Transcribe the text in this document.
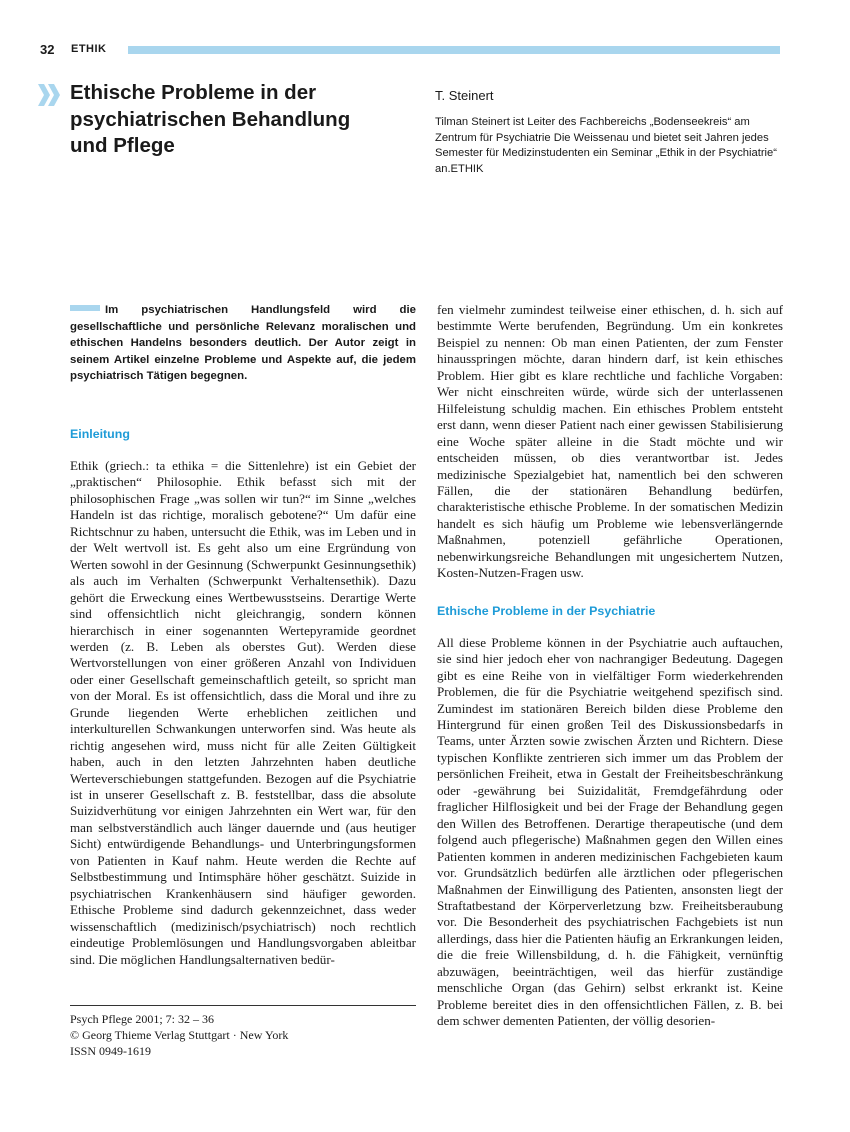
32 ETHIK
Ethische Probleme in der psychiatrischen Behandlung und Pflege
T. Steinert

Tilman Steinert ist Leiter des Fachbereichs „Bodenseekreis“ am Zentrum für Psychiatrie Die Weissenau und bietet seit Jahren jedes Semester für Medizinstudenten ein Seminar „Ethik in der Psychiatrie“ an.ETHIK

Im psychiatrischen Handlungsfeld wird die gesellschaftliche und persönliche Relevanz moralischen und ethischen Handelns besonders deutlich. Der Autor zeigt in seinem Artikel einzelne Probleme und Aspekte auf, die jedem psychiatrisch Tätigen begegnen.

Einleitung

Ethik (griech.: ta ethika = die Sittenlehre) ist ein Gebiet der „praktischen“ Philosophie. Ethik befasst sich mit der philosophischen Frage „was sollen wir tun?“ im Sinne „welches Handeln ist das richtige, moralisch gebotene?“ Um dafür eine Richtschnur zu haben, untersucht die Ethik, was im Leben und in der Welt wertvoll ist. Es geht also um eine Ergründung von Werten sowohl in der Gesinnung (Schwerpunkt Gesinnungsethik) als auch im Verhalten (Schwerpunkt Verhaltensethik). Dazu gehört die Erweckung eines Wertbewusstseins. Derartige Werte sind offensichtlich nicht gleichrangig, sondern können hierarchisch in einer sogenannten Wertepyramide geordnet werden (z. B. Leben als oberstes Gut). Werden diese Wertvorstellungen von einer größeren Anzahl von Individuen oder einer Gesellschaft gemeinschaftlich geteilt, so spricht man von der Moral. Es ist offensichtlich, dass die Moral und ihre zu Grunde liegenden Werte erheblichen zeitlichen und interkulturellen Schwankungen unterworfen sind. Was heute als richtig angesehen wird, muss nicht für alle Zeiten Gültigkeit haben, auch in den letzten Jahrzehnten haben deutliche Werteverschiebungen stattgefunden. Bezogen auf die Psychiatrie ist in unserer Gesellschaft z. B. feststellbar, dass die absolute Suizidverhütung vor einigen Jahrzehnten ein Wert war, für den man selbstverständlich auch länger dauernde und (aus heutiger Sicht) entwürdigende Behandlungs- und Unterbringungsformen von Patienten in Kauf nahm. Heute werden die Rechte auf Selbstbestimmung und Intimsphäre höher geschätzt. Suizide in psychiatrischen Krankenhäusern sind häufiger geworden. Ethische Probleme sind dadurch gekennzeichnet, dass weder wissenschaftlich (medizinisch/psychiatrisch) noch rechtlich eindeutige Problemlösungen und Handlungsvorgaben ableitbar sind. Die möglichen Handlungsalternativen bedür-

fen vielmehr zumindest teilweise einer ethischen, d. h. sich auf bestimmte Werte berufenden, Begründung. Um ein konkretes Beispiel zu nennen: Ob man einen Patienten, der zum Fenster hinausspringen möchte, daran hindern darf, ist kein ethisches Problem. Hier gibt es klare rechtliche und fachliche Vorgaben: Wer nicht einschreiten würde, würde sich der unterlassenen Hilfeleistung schuldig machen. Ein ethisches Problem entsteht erst dann, wenn dieser Patient nach einer gewissen Stabilisierung eine Woche später alleine in die Stadt möchte und wir entscheiden müssen, ob dies verantwortbar ist. Jedes medizinische Spezialgebiet hat, namentlich bei den schweren Fällen, die der stationären Behandlung bedürfen, charakteristische ethische Probleme. In der somatischen Medizin handelt es sich häufig um Probleme wie lebensverlängernde Maßnahmen, potenziell gefährliche Operationen, nebenwirkungsreiche Behandlungen mit ungesichertem Nutzen, Kosten-Nutzen-Fragen usw.

Ethische Probleme in der Psychiatrie

All diese Probleme können in der Psychiatrie auch auftauchen, sie sind hier jedoch eher von nachrangiger Bedeutung. Dagegen gibt es eine Reihe von in vielfältiger Form wiederkehrenden Problemen, die für die Psychiatrie weitgehend spezifisch sind. Zumindest im stationären Bereich bilden diese Probleme den Hintergrund für einen großen Teil des Diskussionsbedarfs in Teams, unter Ärzten sowie zwischen Ärzten und Richtern. Diese typischen Konflikte zentrieren sich immer um das Problem der persönlichen Freiheit, etwa in Gestalt der Freiheitsbeschränkung oder -gewährung bei Suizidalität, Fremdgefährdung oder fraglicher Hilflosigkeit und bei der Frage der Behandlung gegen den Willen des Betroffenen. Derartige therapeutische (und dem folgend auch pflegerische) Maßnahmen gegen den Willen eines Patienten kommen in anderen medizinischen Fachgebieten kaum vor. Grundsätzlich bedürfen alle ärztlichen oder pflegerischen Maßnahmen der Einwilligung des Patienten, ansonsten liegt der Straftatbestand der Körperverletzung bzw. Freiheitsberaubung vor. Die Besonderheit des psychiatrischen Fachgebiets ist nun allerdings, dass hier die Patienten häufig an Erkrankungen leiden, die die freie Willensbildung, d. h. die Fähigkeit, vernünftig abzuwägen, beeinträchtigen, weil das hierfür zuständige menschliche Organ (das Gehirn) selbst erkrankt ist. Keine Probleme bereitet dies in den offensichtlichen Fällen, z. B. bei dem schwer dementen Patienten, der völlig desorien-

Psych Pflege 2001; 7: 32 – 36
© Georg Thieme Verlag Stuttgart · New York
ISSN 0949-1619
